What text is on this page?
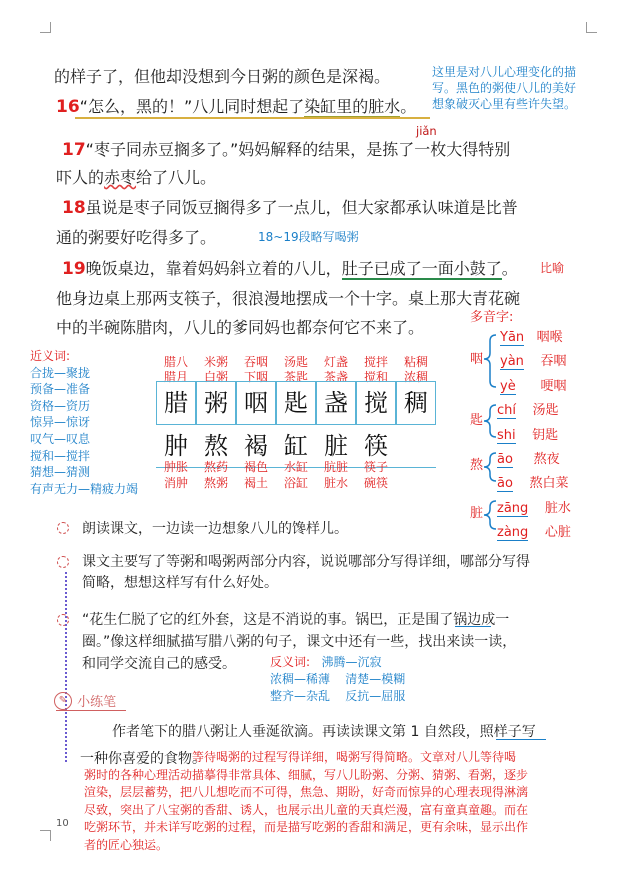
的样子了，但他却没想到今日粥的颜色是深褐。	这里是对八儿心理变化的描
写。黑色的粥使八儿的美好
想象破灭心里有些许失望。
16“怎么，黑的！”八儿同时想起了染缸里的脏水。
jiǎn
17“枣子同赤豆搁多了。”妈妈解释的结果，是拣了一枚大得特别
吓人的赤枣给了八儿。
18虽说是枣子同饭豆搁得多了一点儿，但大家都承认味道是比普
通的粥要好吃得多了。	18~19段略写喝粥
19晚饭桌边，靠着妈妈斜立着的八儿，肚子已成了一面小鼓了。 比喻
他身边桌上那两支筷子，很浪漫地摆成一个十字。桌上那大青花碗
中的半碗陈腊肉，八儿的爹同妈也都奈何它不来了。
近义词:
合拢—聚拢
预备—准备
资格—资历
惊异—惊讶
叹气—叹息
搅和—搅拌
猜想—猜测
有声无力—精疲力竭
多音字:
咽
Yān 咽喉
yàn 吞咽
yè 哽咽
匙
chí 汤匙
shi 钥匙
熬 āo 熬夜
āo 熬白菜
脏 zāng 脏水
zàng 心脏
腊八 米粥 吞咽 汤匙 灯盏 搅拌 粘稠
腊月 白粥 下咽 茶匙 茶盏 搅和 浓稠
腊 粥 咽 匙 盏 搅 稠
肿 熬 褐 缸 脏 筷
肿胀 熬药 褐色 水缸 肮脏 筷子
消肿 熬粥 褐土 浴缸 脏水 碗筷
朗读课文，一边读一边想象八儿的馋样儿。
课文主要写了等粥和喝粥两部分内容，说说哪部分写得详细，哪部分写得
简略，想想这样写有什么好处。
“花生仁脱了它的红外套，这是不消说的事。锅巴，正是围了锅边成一
圈。”像这样细腻描写腊八粥的句子，课文中还有一些，找出来读一读，
和同学交流自己的感受。	反义词: 沸腾—沉寂
浓稠—稀薄 清楚—模糊
整齐—杂乱 反抗—屈服
✎ 小练笔
作者笔下的腊八粥让人垂涎欲滴。再读读课文第 1 自然段，照样子写
一种你喜爱的食物。
等待喝粥的过程写得详细，喝粥写得简略。文章对八儿等待喝
粥时的各种心理活动描摹得非常具体、细腻，写八儿盼粥、分粥、猜粥、看粥，逐步
渲染，层层蓄势，把八儿想吃而不可得，焦急、期盼，好奇而惊异的心理表现得淋漓
尽致，突出了八宝粥的香甜、诱人，也展示出儿童的天真烂漫，富有童真童趣。而在
吃粥环节，并未详写吃粥的过程，而是描写吃粥的香甜和满足，更有余味，显示出作
者的匠心独运。
10
